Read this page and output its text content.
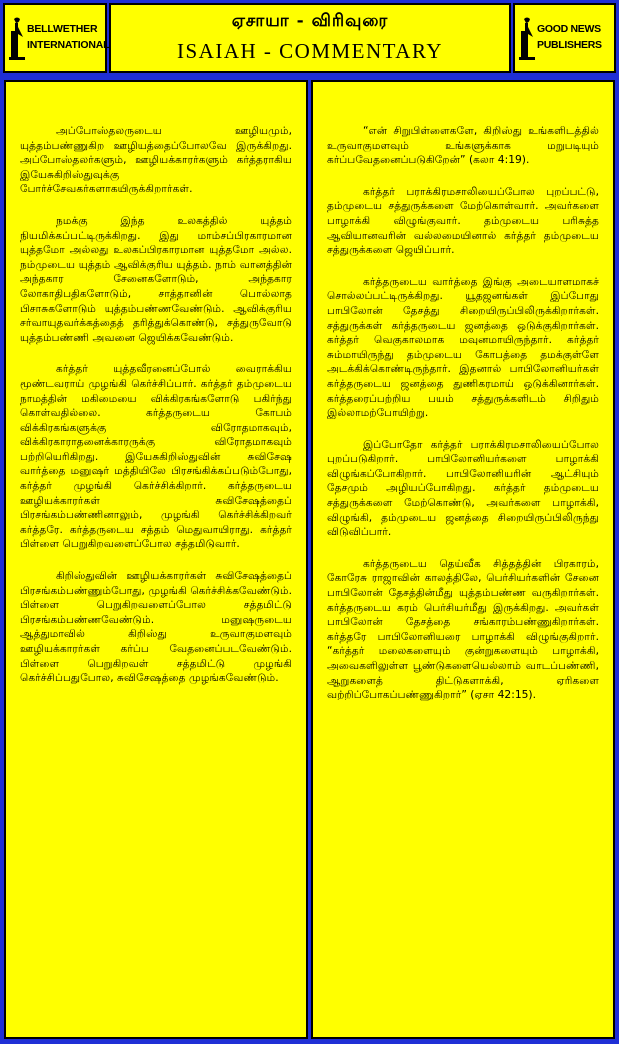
BELLWETHER
INTERNATIONAL
ஏசாயா - விரிவுரை
ISAIAH - COMMENTARY
GOOD NEWS
PUBLISHERS

அப்போஸ்தலருடைய ஊழியமும், யுத்தம்பண்ணுகிற ஊழியத்தைப்போலவே இருக்கிறது. அப்போஸ்தலர்களும், ஊழியக்காரர்களும் கர்த்தராகிய இயேசுகிறிஸ்துவுக்கு போர்ச்சேவகர்களாகயிருக்கிறார்கள்.

நமக்கு இந்த உலகத்தில் யுத்தம் நியமிக்கப்பட்டிருக்கிறது. இது மாம்சப்பிரகாரமான யுத்தமோ அல்லது உலகப்பிரகாரமான யுத்தமோ அல்ல. நம்முடைய யுத்தம் ஆவிக்குரிய யுத்தம். நாம் வானத்தின் அந்தகார சேனைகளோடும், அந்தகார லோகாதிபதிகளோடும், சாத்தானின் பொல்லாத பிசாசுகளோடும் யுத்தம்பண்ணவேண்டும். ஆவிக்குரிய சர்வாயுதவர்க்கத்தைத் தரித்துக்கொண்டு, சத்துருவோடு யுத்தம்பண்ணி அவனை ஜெயிக்கவேண்டும்.

கர்த்தர் யுத்தவீரனைப்போல் வைராக்கிய மூண்டவராய் முழங்கி கெர்ச்சிப்பார். கர்த்தர் தம்முடைய நாமத்தின் மகிமையை விக்கிரகங்களோடு பகிர்ந்து கொள்வதில்லை. கர்த்தருடைய கோபம் விக்கிரகங்களுக்கு விரோதமாகவும், விக்கிரகாராதனைக்காரருக்கு விரோதமாகவும் பற்றியெரிகிறது. இயேசுகிறிஸ்துவின் சுவிசேஷ வார்த்தை மனுஷர் மத்தியிலே பிரசங்கிக்கப்படும்போது, கர்த்தர் முழங்கி கெர்ச்சிக்கிறார். கர்த்தருடைய ஊழியக்காரர்கள் சுவிசேஷத்தைப் பிரசங்கம்பண்ணினாலும், முழங்கி கெர்ச்சிக்கிறவர் கர்த்தரே. கர்த்தருடைய சத்தம் மெதுவாயிராது. கர்த்தர் பிள்ளை பெறுகிறவளைப்போல சத்தமிடுவார்.

கிறிஸ்துவின் ஊழியக்காரர்கள் சுவிசேஷத்தைப் பிரசங்கம்பண்ணும்போது, முழங்கி கெர்ச்சிக்கவேண்டும். பிள்ளை பெறுகிறவளைப்போல சத்தமிட்டு பிரசங்கம்பண்ணவேண்டும். மனுஷருடைய ஆத்துமாவில் கிறிஸ்து உருவாகுமளவும் ஊழியக்காரர்கள் கர்ப்ப வேதனைப்படவேண்டும். பிள்ளை பெறுகிறவள் சத்தமிட்டு முழங்கி கெர்ச்சிப்பதுபோல, சுவிசேஷத்தை முழங்கவேண்டும்.

“என் சிறுபிள்ளைகளே, கிறிஸ்து உங்களிடத்தில் உருவாகுமளவும் உங்களுக்காக மறுபடியும் கர்ப்பவேதனைப்படுகிறேன்” (கலா 4:19).

கர்த்தர் பராக்கிரமசாலியைப்போல புறப்பட்டு, தம்முடைய சத்துருக்களை மேற்கொள்வார். அவர்களை பாழாக்கி விழுங்குவார். தம்முடைய பரிசுத்த ஆவியானவரின் வல்லமையினால் கர்த்தர் தம்முடைய சத்துருக்களை ஜெயிப்பார்.

கர்த்தருடைய வார்த்தை இங்கு அடையாளமாகச் சொல்லப்பட்டிருக்கிறது. யூதஜனங்கள் இப்போது பாபிலோன் தேசத்து சிறையிருப்பிலிருக்கிறார்கள். சத்துருக்கள் கர்த்தருடைய ஜனத்தை ஒடுக்குகிறார்கள். கர்த்தர் வெகுகாலமாக மவுனமாயிருந்தார். கர்த்தர் சும்மாயிருந்து தம்முடைய கோபத்தை தமக்குள்ளே அடக்கிக்கொண்டிருந்தார். இதனால் பாபிலோனியர்கள் கர்த்தருடைய ஜனத்தை துணிகரமாய் ஒடுக்கினார்கள். கர்த்தரைப்பற்றிய பயம் சத்துருக்களிடம் சிறிதும் இல்லாமற்போயிற்று.

இப்போதோ கர்த்தர் பராக்கிரமசாலியைப்போல புறப்படுகிறார். பாபிலோனியர்களை பாழாக்கி விழுங்கப்போகிறார். பாபிலோனியரின் ஆட்சியும் தேசமும் அழியப்போகிறது. கர்த்தர் தம்முடைய சத்துருக்களை மேற்கொண்டு, அவர்களை பாழாக்கி, விழுங்கி, தம்முடைய ஜனத்தை சிறையிருப்பிலிருந்து விடுவிப்பார்.

கர்த்தருடைய தெய்வீக சித்தத்தின் பிரகாரம், கோரேசு ராஜாவின் காலத்திலே, பெர்சியர்களின் சேனை பாபிலோன் தேசத்தின்மீது யுத்தம்பண்ண வருகிறார்கள். கர்த்தருடைய கரம் பெர்சியர்மீது இருக்கிறது. அவர்கள் பாபிலோன் தேசத்தை சங்காரம்பண்ணுகிறார்கள். கர்த்தரே பாபிலோனியரை பாழாக்கி விழுங்குகிறார். “கர்த்தர் மலைகளையும் குன்றுகளையும் பாழாக்கி, அவைகளிலுள்ள பூண்டுகளையெல்லாம் வாடப்பண்ணி, ஆறுகளைத் திட்டுகளாக்கி, ஏரிகளை வற்றிப்போகப்பண்ணுகிறார்” (ஏசா 42:15).
